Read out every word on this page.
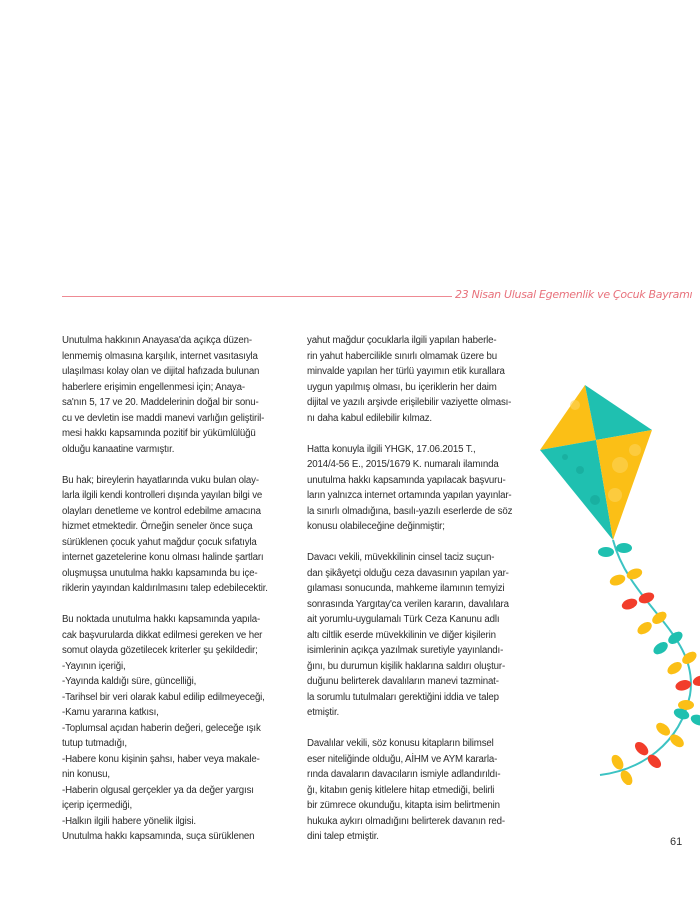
23 Nisan Ulusal Egemenlik ve Çocuk Bayramı
Unutulma hakkının Anayasa'da açıkça düzen-
lenmemiş olmasına karşılık, internet vasıtasıyla
ulaşılması kolay olan ve dijital hafızada bulunan
haberlere erişimin engellenmesi için; Anaya-
sa'nın 5, 17 ve 20. Maddelerinin doğal bir sonu-
cu ve devletin ise maddi manevi varlığın geliştiril-
mesi hakkı kapsamında pozitif bir yükümlülüğü
olduğu kanaatine varmıştır.
Bu hak; bireylerin hayatlarında vuku bulan olay-
larla ilgili kendi kontrolleri dışında yayılan bilgi ve
olayları denetleme ve kontrol edebilme amacına
hizmet etmektedir. Örneğin seneler önce suça
sürüklenen çocuk yahut mağdur çocuk sıfatıyla
internet gazetelerine konu olması halinde şartları
oluşmuşsa unutulma hakkı kapsamında bu içe-
riklerin yayından kaldırılmasını talep edebilecektir.
Bu noktada unutulma hakkı kapsamında yapıla-
cak başvurularda dikkat edilmesi gereken ve her
somut olayda gözetilecek kriterler şu şekildedir;
-Yayının içeriği,
-Yayında kaldığı süre, güncelliği,
-Tarihsel bir veri olarak kabul edilip edilmeyeceği,
-Kamu yararına katkısı,
-Toplumsal açıdan haberin değeri, geleceğe ışık
tutup tutmadığı,
-Habere konu kişinin şahsı, haber veya makale-
nin konusu,
-Haberin olgusal gerçekler ya da değer yargısı
içerip içermediği,
-Halkın ilgili habere yönelik ilgisi.
Unutulma hakkı kapsamında, suça sürüklenen
yahut mağdur çocuklarla ilgili yapılan haberle-
rin yahut habercilikle sınırlı olmamak üzere bu
minvalde yapılan her türlü yayımın etik kurallara
uygun yapılmış olması, bu içeriklerin her daim
dijital ve yazılı arşivde erişilebilir vaziyette olması-
nı daha kabul edilebilir kılmaz.
Hatta konuyla ilgili YHGK, 17.06.2015 T.,
2014/4-56 E., 2015/1679 K. numaralı ilamında
unutulma hakkı kapsamında yapılacak başvuru-
ların yalnızca internet ortamında yapılan yayınlar-
la sınırlı olmadığına, basılı-yazılı eserlerde de söz
konusu olabileceğine değinmiştir;
Davacı vekili, müvekkilinin cinsel taciz suçun-
dan şikâyetçi olduğu ceza davasının yapılan yar-
gılaması sonucunda, mahkeme ilamının temyizi
sonrasında Yargıtay'ca verilen kararın, davalılara
ait yorumlu-uygulamalı Türk Ceza Kanunu adlı
altı ciltlik eserde müvekkilinin ve diğer kişilerin
isimlerinin açıkça yazılmak suretiyle yayınlandı-
ğını, bu durumun kişilik haklarına saldırı oluştur-
duğunu belirterek davalıların manevi tazminat-
la sorumlu tutulmaları gerektiğini iddia ve talep
etmiştir.
Davalılar vekili, söz konusu kitapların bilimsel
eser niteliğinde olduğu, AİHM ve AYM kararla-
rında davaların davacıların ismiyle adlandırıldı-
ğı, kitabın geniş kitlelere hitap etmediği, belirli
bir zümrece okunduğu, kitapta isim belirtmenin
hukuka aykırı olmadığını belirterek davanın red-
dini talep etmiştir.	61
